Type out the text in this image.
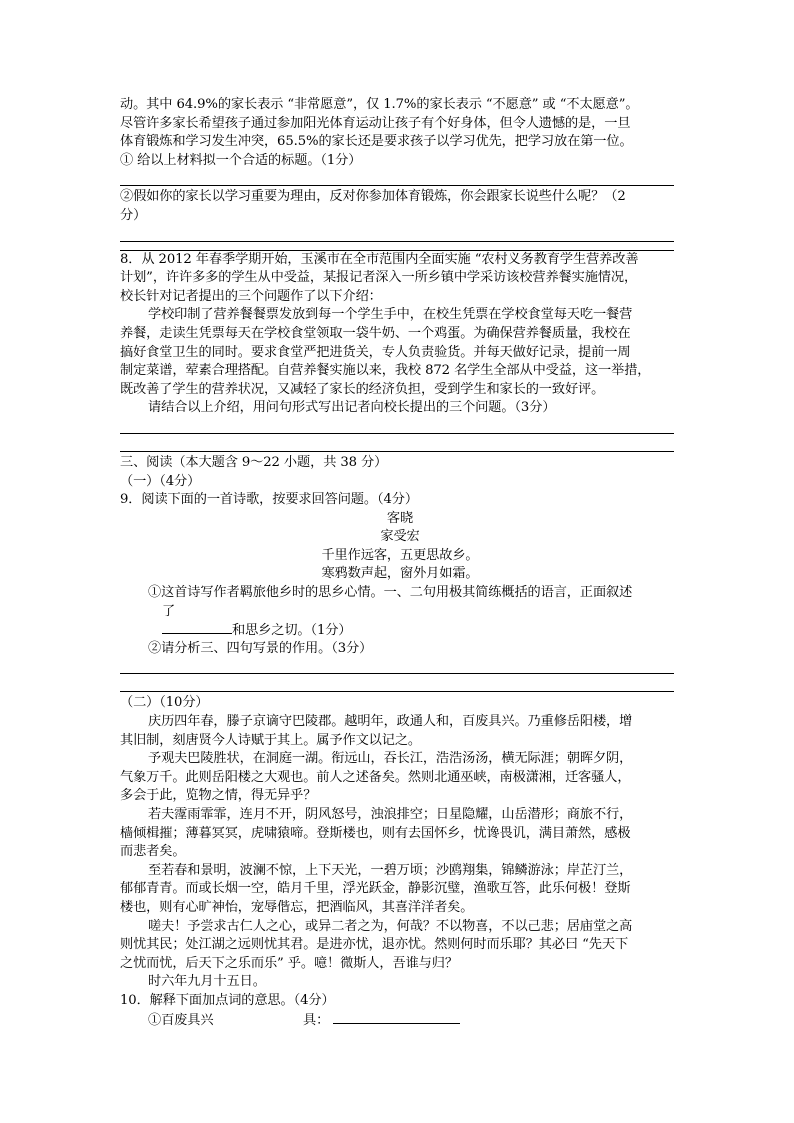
动。其中 64.9%的家长表示 “非常愿意”，仅 1.7%的家长表示 “不愿意” 或 “不太愿意”。
尽管许多家长希望孩子通过参加阳光体育运动让孩子有个好身体，但令人遗憾的是，一旦
体育锻炼和学习发生冲突，65.5%的家长还是要求孩子以学习优先，把学习放在第一位。
① 给以上材料拟一个合适的标题。（1分）
②假如你的家长以学习重要为理由，反对你参加体育锻炼，你会跟家长说些什么呢？（2
分）
8．从 2012 年春季学期开始，玉溪市在全市范围内全面实施 “农村义务教育学生营养改善
计划”，许许多多的学生从中受益，某报记者深入一所乡镇中学采访该校营养餐实施情况，
校长针对记者提出的三个问题作了以下介绍：
学校印制了营养餐餐票发放到每一个学生手中，在校生凭票在学校食堂每天吃一餐营
养餐，走读生凭票每天在学校食堂领取一袋牛奶、一个鸡蛋。为确保营养餐质量，我校在
搞好食堂卫生的同时。要求食堂严把进货关，专人负责验货。并每天做好记录，提前一周
制定菜谱，荤素合理搭配。自营养餐实施以来，我校 872 名学生全部从中受益，这一举措，
既改善了学生的营养状况，又减轻了家长的经济负担，受到学生和家长的一致好评。
请结合以上介绍，用问句形式写出记者向校长提出的三个问题。（3分）
三、阅读（本大题含 9～22 小题，共 38 分）
（一）（4分）
9．阅读下面的一首诗歌，按要求回答问题。（4分）
客晓
家受宏
千里作远客，五更思故乡。
寒鸦数声起，窗外月如霜。
①这首诗写作者羁旅他乡时的思乡心情。一、二句用极其简练概括的语言，正面叙述
了
和思乡之切。（1分）
②请分析三、四句写景的作用。（3分）
（二）（10分）
庆历四年春，滕子京谪守巴陵郡。越明年，政通人和，百废具兴。乃重修岳阳楼，增
其旧制，刻唐贤今人诗赋于其上。属予作文以记之。
予观夫巴陵胜状，在洞庭一湖。衔远山，吞长江，浩浩汤汤，横无际涯；朝晖夕阴，
气象万千。此则岳阳楼之大观也。前人之述备矣。然则北通巫峡，南极潇湘，迁客骚人，
多会于此，览物之情，得无异乎？
若夫霪雨霏霏，连月不开，阴风怒号，浊浪排空；日星隐耀，山岳潜形；商旅不行，
樯倾楫摧；薄暮冥冥，虎啸猿啼。登斯楼也，则有去国怀乡，忧谗畏讥，满目萧然，感极
而悲者矣。
至若春和景明，波澜不惊，上下天光，一碧万顷；沙鸥翔集，锦鳞游泳；岸芷汀兰，
郁郁青青。而或长烟一空，皓月千里，浮光跃金，静影沉璧，渔歌互答，此乐何极！登斯
楼也，则有心旷神怡，宠辱偕忘，把酒临风，其喜洋洋者矣。
嗟夫！予尝求古仁人之心，或异二者之为，何哉？不以物喜，不以己悲；居庙堂之高
则忧其民；处江湖之远则忧其君。是进亦忧，退亦忧。然则何时而乐耶？其必曰 “先天下
之忧而忧，后天下之乐而乐” 乎。噫！微斯人，吾谁与归？
时六年九月十五日。
10．解释下面加点词的意思。（4分）
①百废具兴	具：
